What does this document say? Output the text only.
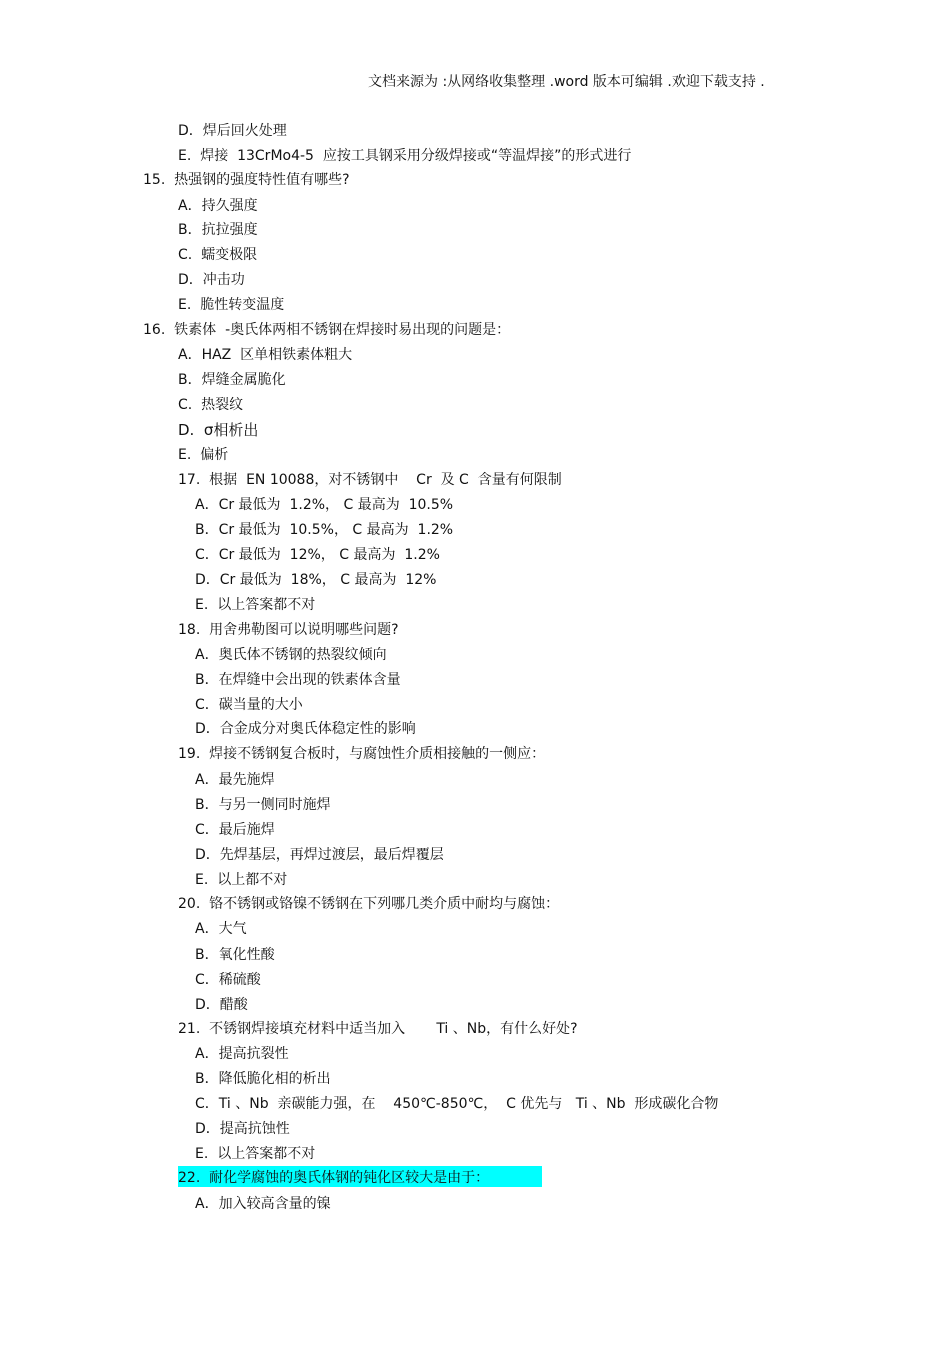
文档来源为 :从网络收集整理 .word 版本可编辑 .欢迎下载支持 .
D．焊后回火处理
E.  焊接  13CrMo4-5  应按工具钢采用分级焊接或“等温焊接”的形式进行
15.  热强钢的强度特性值有哪些?
A．持久强度
B．抗拉强度
C.  蠕变极限
D．冲击功
E.  脆性转变温度
16.  铁素体  -奥氏体两相不锈钢在焊接时易出现的问题是：
A．HAZ  区单相铁素体粗大
B．焊缝金属脆化
C.  热裂纹
D.  σ相析出
E.  偏析
17.  根据  EN 10088，对不锈钢中    Cr  及 C  含量有何限制
A．Cr 最低为  1.2%， C 最高为  10.5%
B．Cr 最低为  10.5%， C 最高为  1.2%
C．Cr 最低为  12%， C 最高为  1.2%
D．Cr 最低为  18%， C 最高为  12%
E.  以上答案都不对
18.  用舍弗勒图可以说明哪些问题?
A．奥氏体不锈钢的热裂纹倾向
B．在焊缝中会出现的铁素体含量
C．碳当量的大小
D．合金成分对奥氏体稳定性的影响
19.  焊接不锈钢复合板时，与腐蚀性介质相接触的一侧应：
A．最先施焊
B．与另一侧同时施焊
C．最后施焊
D．先焊基层，再焊过渡层，最后焊覆层
E.  以上都不对
20.  铬不锈钢或铬镍不锈钢在下列哪几类介质中耐均与腐蚀：
A．大气
B．氧化性酸
C．稀硫酸
D．醋酸
21.  不锈钢焊接填充材料中适当加入       Ti 、Nb，有什么好处?
A．提高抗裂性
B．降低脆化相的析出
C．Ti 、Nb  亲碳能力强，在    450℃-850℃，  C 优先与   Ti 、Nb  形成碳化合物
D．提高抗蚀性
E.  以上答案都不对
22.  耐化学腐蚀的奥氏体钢的钝化区较大是由于：
A．加入较高含量的镍
